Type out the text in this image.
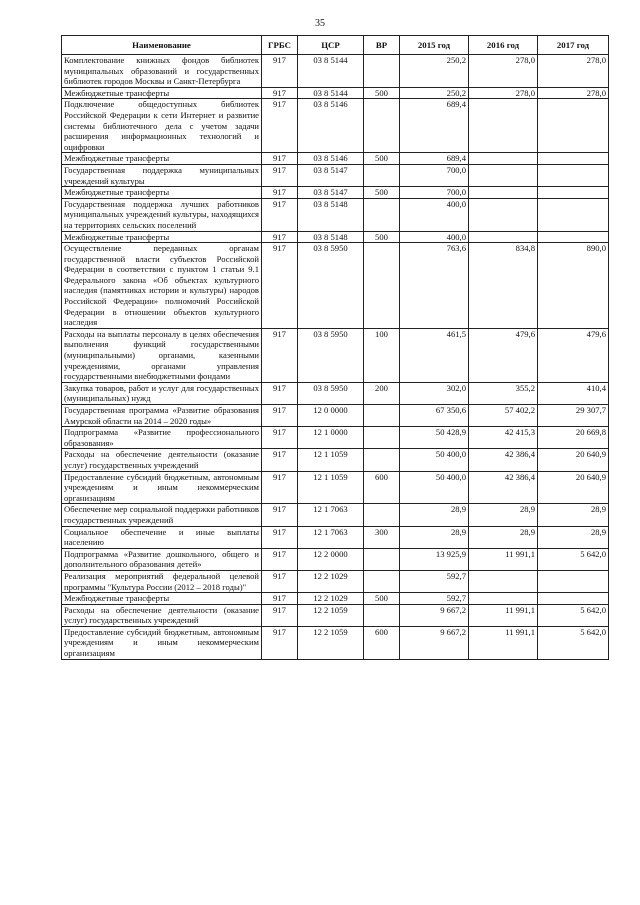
35
Наименование	ГРБС	ЦСР	ВР	2015 год	2016 год	2017 год
Комплектование книжных фондов библиотек муниципальных образований и государственных библиотек городов Москвы и Санкт-Петербурга	917	03 8 5144		250,2	278,0	278,0
Межбюджетные трансферты	917	03 8 5144	500	250,2	278,0	278,0
Подключение общедоступных библиотек Российской Федерации к сети Интернет и развитие системы библиотечного дела с учетом задачи расширения информационных технологий и оцифровки	917	03 8 5146		689,4		
Межбюджетные трансферты	917	03 8 5146	500	689,4		
Государственная поддержка муниципальных учреждений культуры	917	03 8 5147		700,0		
Межбюджетные трансферты	917	03 8 5147	500	700,0		
Государственная поддержка лучших работников муниципальных учреждений культуры, находящихся на территориях сельских поселений	917	03 8 5148		400,0		
Межбюджетные трансферты	917	03 8 5148	500	400,0		
Осуществление переданных органам государственной власти субъектов Российской Федерации в соответствии с пунктом 1 статьи 9.1 Федерального закона «Об объектах культурного наследия (памятниках истории и культуры) народов Российской Федерации» полномочий Российской Федерации в отношении объектов культурного наследия	917	03 8 5950		763,6	834,8	890,0
Расходы на выплаты персоналу в целях обеспечения выполнения функций государственными (муниципальными) органами, казенными учреждениями, органами управления государственными внебюджетными фондами	917	03 8 5950	100	461,5	479,6	479,6
Закупка товаров, работ и услуг для государственных (муниципальных) нужд	917	03 8 5950	200	302,0	355,2	410,4
Государственная программа «Развитие образования Амурской области на 2014 – 2020 годы»	917	12 0 0000		67 350,6	57 402,2	29 307,7
Подпрограмма «Развитие профессионального образования»	917	12 1 0000		50 428,9	42 415,3	20 669,8
Расходы на обеспечение деятельности (оказание услуг) государственных учреждений	917	12 1 1059		50 400,0	42 386,4	20 640,9
Предоставление субсидий бюджетным, автономным учреждениям и иным некоммерческим организациям	917	12 1 1059	600	50 400,0	42 386,4	20 640,9
Обеспечение мер социальной поддержки работников государственных учреждений	917	12 1 7063		28,9	28,9	28,9
Социальное обеспечение и иные выплаты населению	917	12 1 7063	300	28,9	28,9	28,9
Подпрограмма «Развитие дошкольного, общего и дополнительного образования детей»	917	12 2 0000		13 925,9	11 991,1	5 642,0
Реализация мероприятий федеральной целевой программы "Культура России (2012 – 2018 годы)"	917	12 2 1029		592,7		
Межбюджетные трансферты	917	12 2 1029	500	592,7		
Расходы на обеспечение деятельности (оказание услуг) государственных учреждений	917	12 2 1059		9 667,2	11 991,1	5 642,0
Предоставление субсидий бюджетным, автономным учреждениям и иным некоммерческим организациям	917	12 2 1059	600	9 667,2	11 991,1	5 642,0
